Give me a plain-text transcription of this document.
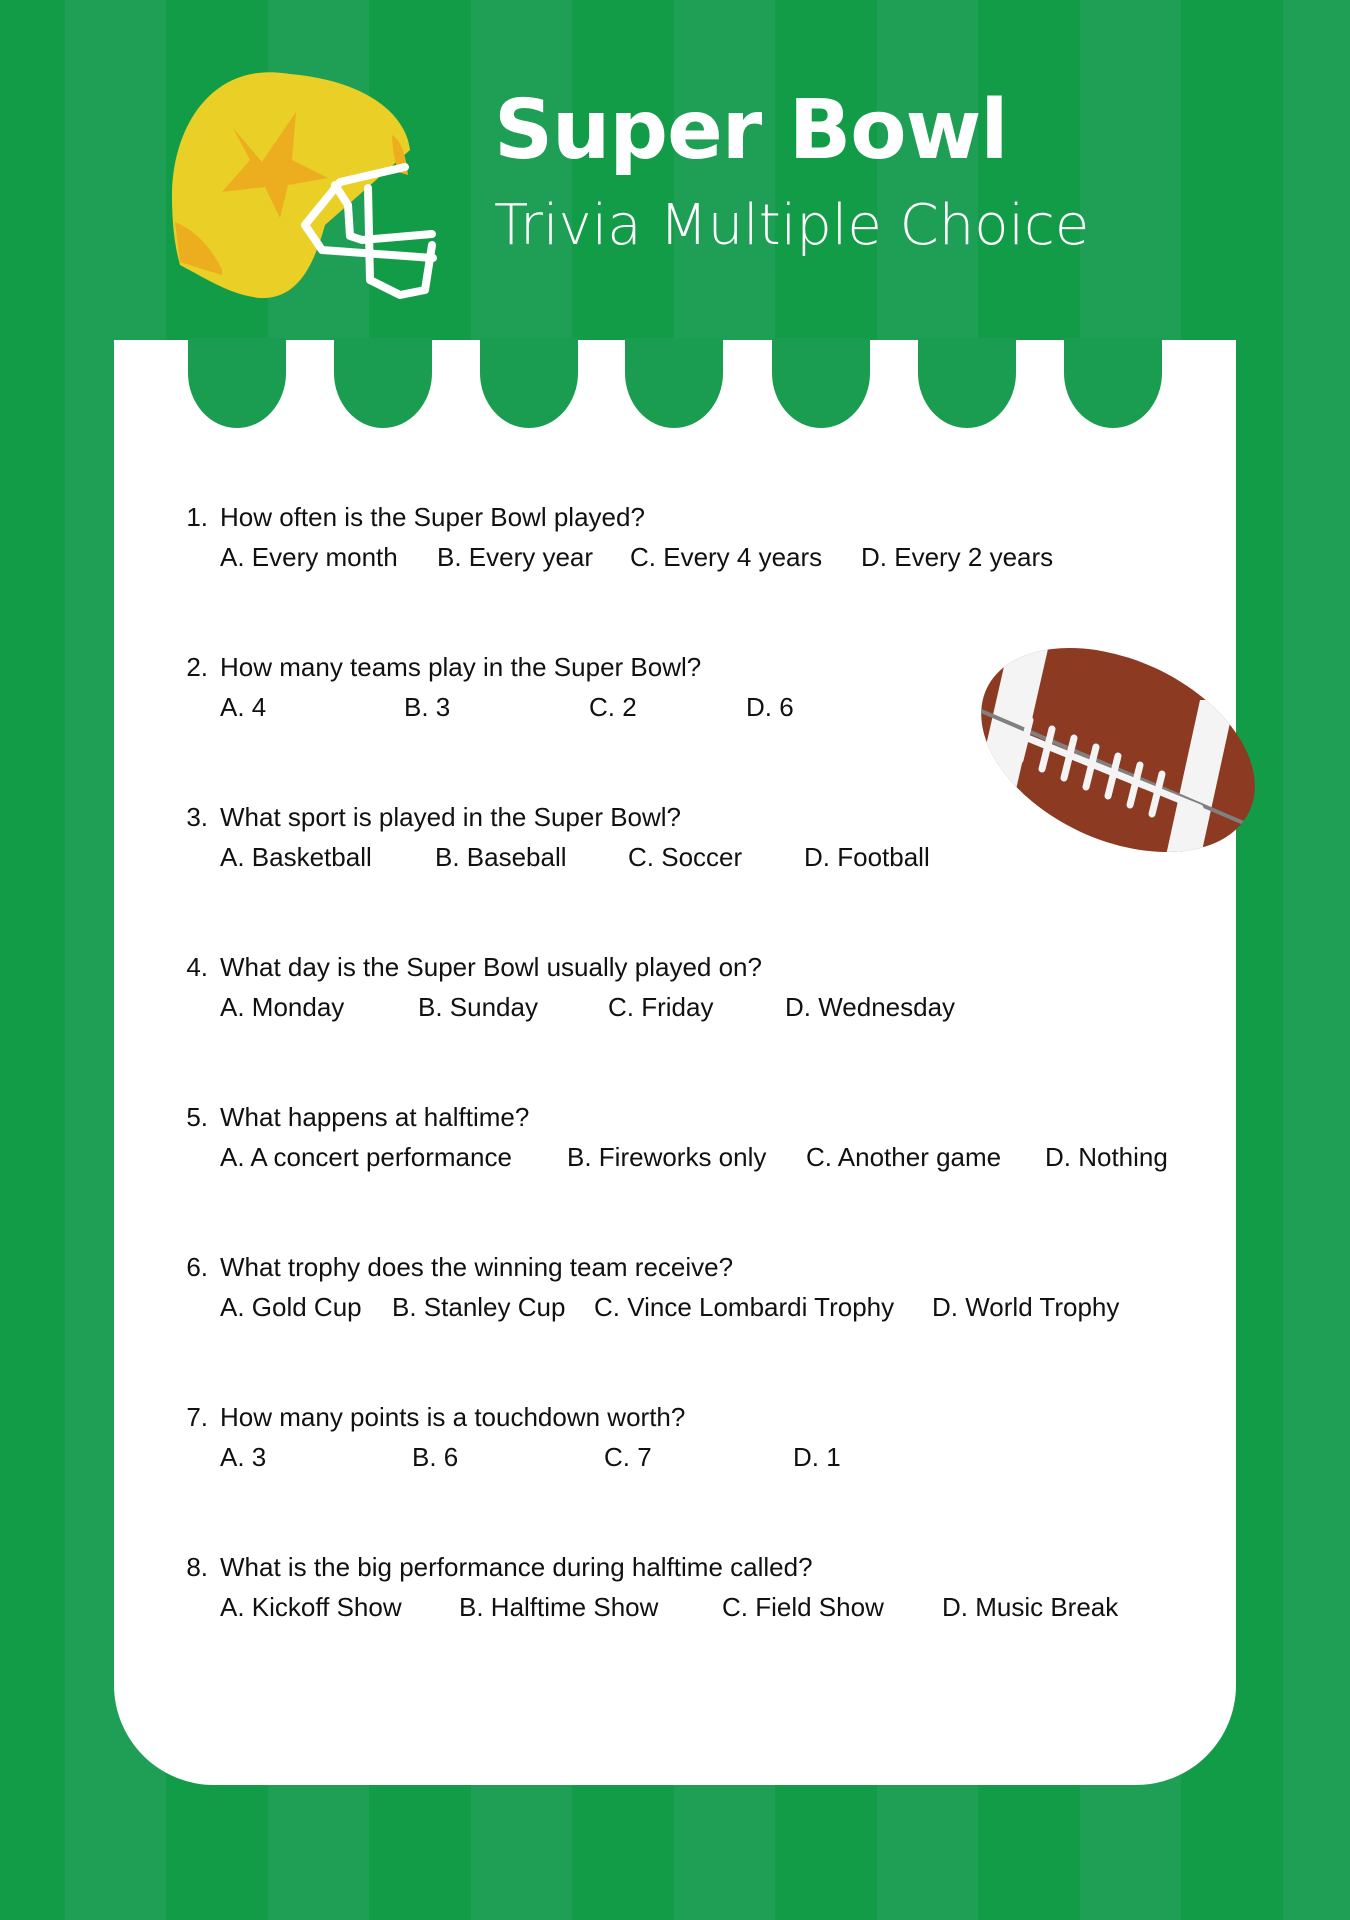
Super Bowl
Trivia Multiple Choice
1. How often is the Super Bowl played?
A. Every month B. Every year C. Every 4 years D. Every 2 years
2. How many teams play in the Super Bowl?
A. 4	B. 3	C. 2	D. 6
3. What sport is played in the Super Bowl?
A. Basketball B. Baseball C. Soccer D. Football
4. What day is the Super Bowl usually played on?
A. Monday	B. Sunday	C. Friday	D. Wednesday
5. What happens at halftime?
A. A concert performance B. Fireworks only C. Another game D. Nothing
6. What trophy does the winning team receive?
A. Gold Cup B. Stanley Cup C. Vince Lombardi Trophy D. World Trophy
7. How many points is a touchdown worth?
A. 3	B. 6	C. 7	D. 1
8. What is the big performance during halftime called?
A. Kickoff Show B. Halftime Show C. Field Show D. Music Break
